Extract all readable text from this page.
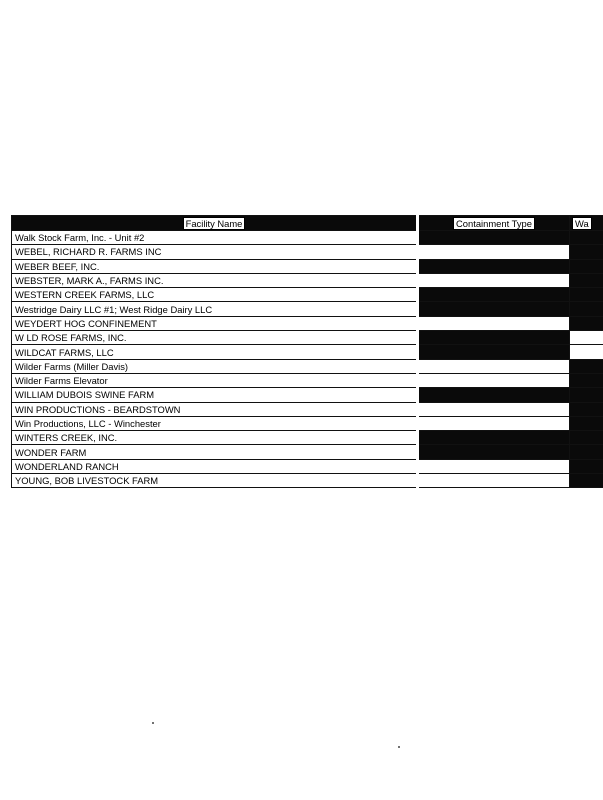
Facility Name	Containment Type	Wa
Walk Stock Farm, Inc. - Unit #2		
WEBEL, RICHARD R. FARMS INC		
WEBER BEEF, INC.		
WEBSTER, MARK A., FARMS INC.		
WESTERN CREEK FARMS, LLC		
Westridge Dairy LLC #1; West Ridge Dairy LLC		
WEYDERT HOG CONFINEMENT		
W LD ROSE FARMS, INC.		
WILDCAT FARMS, LLC		
Wilder Farms (Miller Davis)		
Wilder Farms Elevator		
WILLIAM DUBOIS SWINE FARM		
WIN PRODUCTIONS - BEARDSTOWN		
Win Productions, LLC - Winchester		
WINTERS CREEK, INC.		
WONDER FARM		
WONDERLAND RANCH		
YOUNG, BOB LIVESTOCK FARM		
